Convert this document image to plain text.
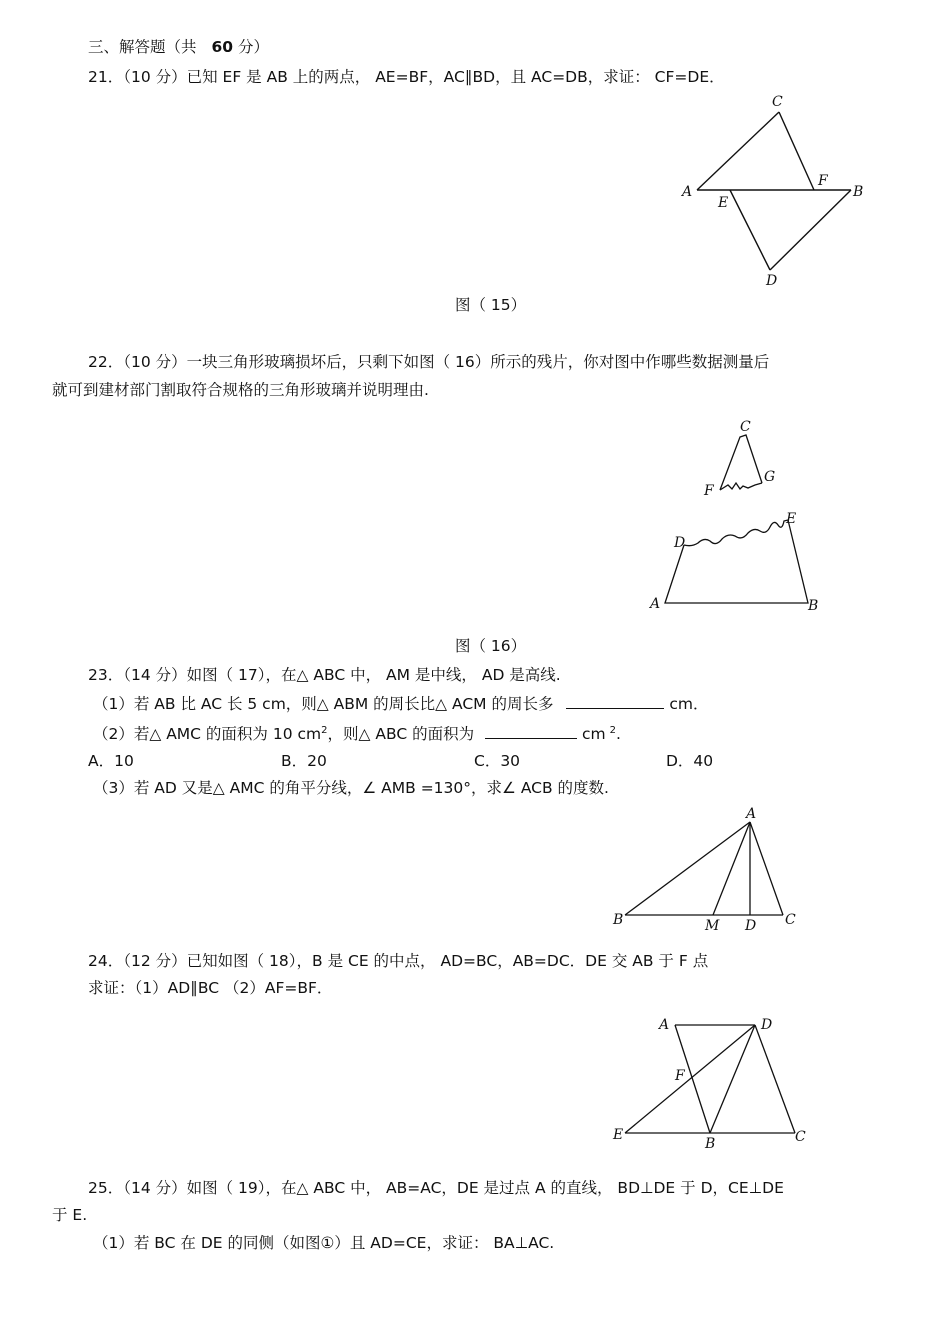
三、解答题（共 60 分）
21．（10 分）已知 EF 是 AB 上的两点， AE=BF，AC∥BD，且 AC=DB，求证： CF=DE．
A
C
F
B
E
D
图（ 15）
22．（10 分）一块三角形玻璃损坏后，只剩下如图（ 16）所示的残片，你对图中作哪些数据测量后
就可到建材部门割取符合规格的三角形玻璃并说明理由.
C
G
F
D
E
A	B
图（ 16）
23．（14 分）如图（ 17），在△ ABC 中， AM 是中线， AD 是高线.
（1）若 AB 比 AC 长 5 cm，则△ ABM 的周长比△ ACM 的周长多	cm．
（2）若△ AMC 的面积为 10 $cm^2$，则△ ABC 的面积为	cm $^2$.
A．10	B．20	C．30	D．40
（3）若 AD 又是△ AMC 的角平分线，∠ AMB =130°，求∠ ACB 的度数.
A
B	M D C
24．（12 分）已知如图（ 18），B 是 CE 的中点， AD=BC，AB=DC．DE 交 AB 于 F 点
求证：（1）AD∥BC （2）AF=BF．
A	D
F
E
B	C
25．（14 分）如图（ 19），在△ ABC 中， AB=AC，DE 是过点 A 的直线， BD⊥DE 于 D，CE⊥DE
于 E.
（1）若 BC 在 DE 的同侧（如图①）且 AD=CE，求证： BA⊥AC.
